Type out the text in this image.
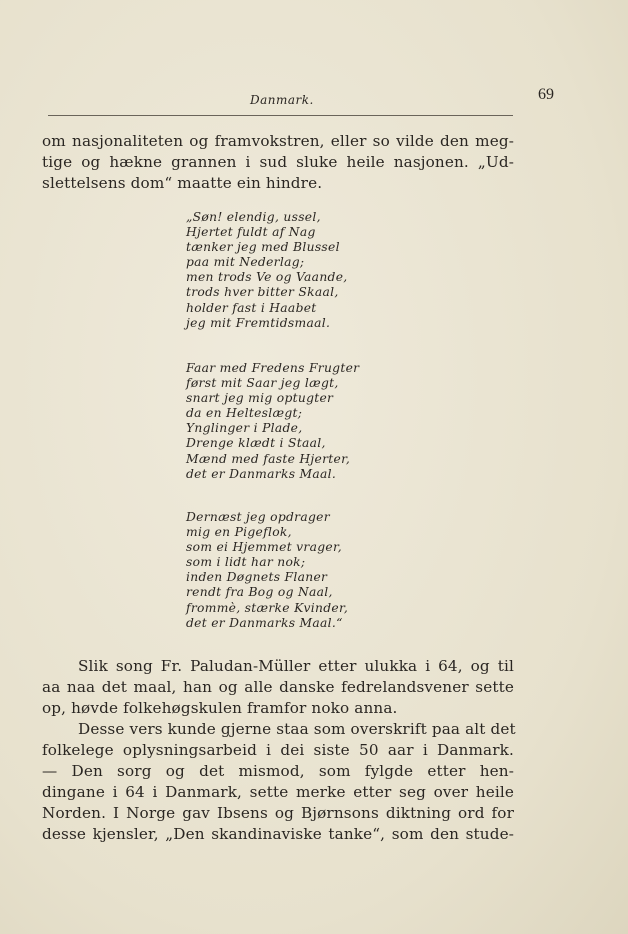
Danmark.	69
om nasjonaliteten og framvokstren, eller so vilde den meg-
tige og hækne grannen i sud sluke heile nasjonen. „Ud-
slettelsens dom“ maatte ein hindre.
„Søn! elendig, ussel,
Hjertet fuldt af Nag
tænker jeg med Blussel
paa mit Nederlag;
men trods Ve og Vaande,
trods hver bitter Skaal,
holder fast i Haabet
jeg mit Fremtidsmaal.
Faar med Fredens Frugter
først mit Saar jeg lægt,
snart jeg mig optugter
da en Helteslægt;
Ynglinger i Plade,
Drenge klædt i Staal,
Mænd med faste Hjerter,
det er Danmarks Maal.
Dernæst jeg opdrager
mig en Pigeflok,
som ei Hjemmet vrager,
som i lidt har nok;
inden Døgnets Flaner
rendt fra Bog og Naal,
frommè, stærke Kvinder,
det er Danmarks Maal.“
Slik song Fr. Paludan-Müller etter ulukka i 64, og til
aa naa det maal, han og alle danske fedrelandsvener sette
op, høvde folkehøgskulen framfor noko anna.
Desse vers kunde gjerne staa som overskrift paa alt det
folkelege oplysningsarbeid i dei siste 50 aar i Danmark.
— Den sorg og det mismod, som fylgde etter hen-
dingane i 64 i Danmark, sette merke etter seg over heile
Norden. I Norge gav Ibsens og Bjørnsons diktning ord for
desse kjensler, „Den skandinaviske tanke“, som den stude-
